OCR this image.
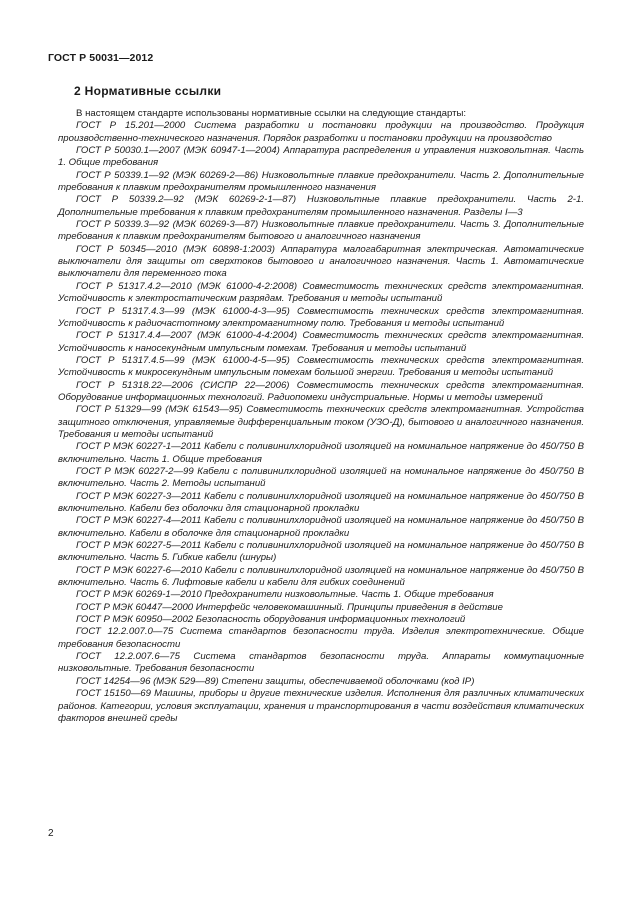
ГОСТ Р 50031—2012
2 Нормативные ссылки

В настоящем стандарте использованы нормативные ссылки на следующие стандарты:

ГОСТ Р 15.201—2000 Система разработки и постановки продукции на производство. Продукция производственно-технического назначения. Порядок разработки и постановки продукции на производство

ГОСТ Р 50030.1—2007 (МЭК 60947-1—2004) Аппаратура распределения и управления низковольтная. Часть 1. Общие требования

ГОСТ Р 50339.1—92 (МЭК 60269-2—86) Низковольтные плавкие предохранители. Часть 2. Дополнительные требования к плавким предохранителям промышленного назначения

ГОСТ Р 50339.2—92 (МЭК 60269-2-1—87) Низковольтные плавкие предохранители. Часть 2-1. Дополнительные требования к плавким предохранителям промышленного назначения. Разделы I—3

ГОСТ Р 50339.3—92 (МЭК 60269-3—87) Низковольтные плавкие предохранители. Часть 3. Дополнительные требования к плавким предохранителям бытового и аналогичного назначения

ГОСТ Р 50345—2010 (МЭК 60898-1:2003) Аппаратура малогабаритная электрическая. Автоматические выключатели для защиты от сверхтоков бытового и аналогичного назначения. Часть 1. Автоматические выключатели для переменного тока

ГОСТ Р 51317.4.2—2010 (МЭК 61000-4-2:2008) Совместимость технических средств электромагнитная. Устойчивость к электростатическим разрядам. Требования и методы испытаний

ГОСТ Р 51317.4.3—99 (МЭК 61000-4-3—95) Совместимость технических средств электромагнитная. Устойчивость к радиочастотному электромагнитному полю. Требования и методы испытаний

ГОСТ Р 51317.4.4—2007 (МЭК 61000-4-4:2004) Совместимость технических средств электромагнитная. Устойчивость к наносекундным импульсным помехам. Требования и методы испытаний

ГОСТ Р 51317.4.5—99 (МЭК 61000-4-5—95) Совместимость технических средств электромагнитная. Устойчивость к микросекундным импульсным помехам большой энергии. Требования и методы испытаний

ГОСТ Р 51318.22—2006 (СИСПР 22—2006) Совместимость технических средств электромагнитная. Оборудование информационных технологий. Радиопомехи индустриальные. Нормы и методы измерений

ГОСТ Р 51329—99 (МЭК 61543—95) Совместимость технических средств электромагнитная. Устройства защитного отключения, управляемые дифференциальным током (УЗО-Д), бытового и аналогичного назначения. Требования и методы испытаний

ГОСТ Р МЭК 60227-1—2011 Кабели с поливинилхлоридной изоляцией на номинальное напряжение до 450/750 В включительно. Часть 1. Общие требования

ГОСТ Р МЭК 60227-2—99 Кабели с поливинилхлоридной изоляцией на номинальное напряжение до 450/750 В включительно. Часть 2. Методы испытаний

ГОСТ Р МЭК 60227-3—2011 Кабели с поливинилхлоридной изоляцией на номинальное напряжение до 450/750 В включительно. Кабели без оболочки для стационарной прокладки

ГОСТ Р МЭК 60227-4—2011 Кабели с поливинилхлоридной изоляцией на номинальное напряжение до 450/750 В включительно. Кабели в оболочке для стационарной прокладки

ГОСТ Р МЭК 60227-5—2011 Кабели с поливинилхлоридной изоляцией на номинальное напряжение до 450/750 В включительно. Часть 5. Гибкие кабели (шнуры)

ГОСТ Р МЭК 60227-6—2010 Кабели с поливинилхлоридной изоляцией на номинальное напряжение до 450/750 В включительно. Часть 6. Лифтовые кабели и кабели для гибких соединений

ГОСТ Р МЭК 60269-1—2010 Предохранители низковольтные. Часть 1. Общие требования

ГОСТ Р МЭК 60447—2000 Интерфейс человекомашинный. Принципы приведения в действие

ГОСТ Р МЭК 60950—2002 Безопасность оборудования информационных технологий

ГОСТ 12.2.007.0—75 Система стандартов безопасности труда. Изделия электротехнические. Общие требования безопасности

ГОСТ 12.2.007.6—75 Система стандартов безопасности труда. Аппараты коммутационные низковольтные. Требования безопасности

ГОСТ 14254—96 (МЭК 529—89) Степени защиты, обеспечиваемой оболочками (код IP)

ГОСТ 15150—69 Машины, приборы и другие технические изделия. Исполнения для различных климатических районов. Категории, условия эксплуатации, хранения и транспортирования в части воздействия климатических факторов внешней среды

2
